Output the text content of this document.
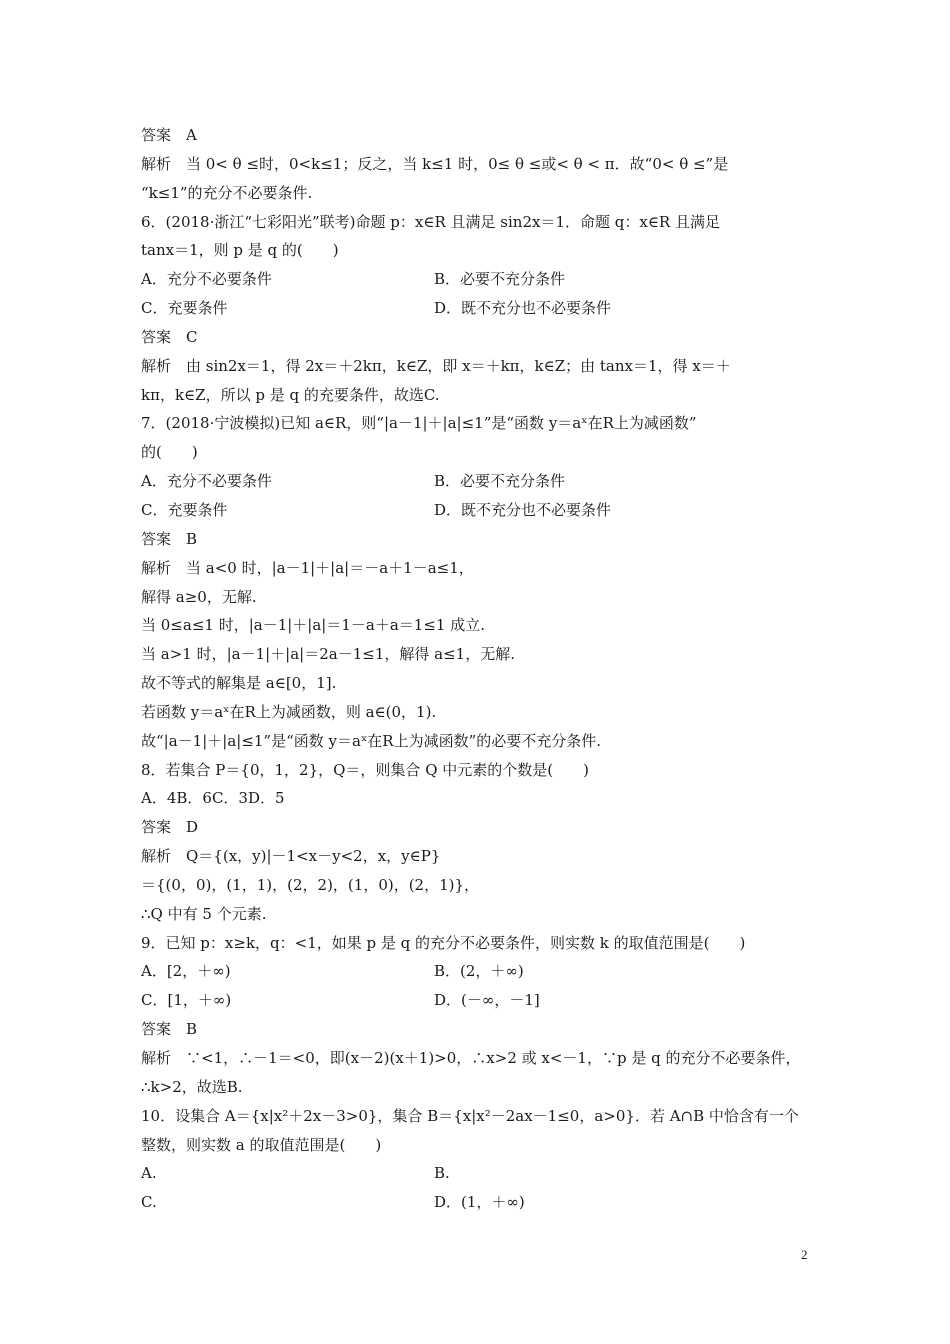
答案　A
解析　当 0< θ ≤时，0<k≤1；反之，当 k≤1 时，0≤ θ ≤或< θ < π．故“0< θ ≤”是
“k≤1”的充分不必要条件.
6．(2018·浙江“七彩阳光”联考)命题 p：x∈R 且满足 sin2x＝1．命题 q：x∈R 且满足
tanx＝1，则 p 是 q 的(　　)
A．充分不必要条件	B．必要不充分条件
C．充要条件	D．既不充分也不必要条件
答案　C
解析　由 sin2x＝1，得 2x＝＋2kπ，k∈Z，即 x＝＋kπ，k∈Z；由 tanx＝1，得 x＝＋
kπ，k∈Z，所以 p 是 q 的充要条件，故选C.
7．(2018·宁波模拟)已知 a∈R，则“|a－1|＋|a|≤1”是“函数 y＝aˣ在R上为减函数”
的(　　)
A．充分不必要条件	B．必要不充分条件
C．充要条件	D．既不充分也不必要条件
答案　B
解析　当 a<0 时，|a－1|＋|a|＝－a＋1－a≤1，
解得 a≥0，无解.
当 0≤a≤1 时，|a－1|＋|a|＝1－a＋a＝1≤1 成立.
当 a>1 时，|a－1|＋|a|＝2a－1≤1，解得 a≤1，无解.
故不等式的解集是 a∈[0，1].
若函数 y＝aˣ在R上为减函数，则 a∈(0，1).
故“|a－1|＋|a|≤1”是“函数 y＝aˣ在R上为减函数”的必要不充分条件.
8．若集合 P＝{0，1，2}，Q＝，则集合 Q 中元素的个数是(　　)
A．4B．6C．3D．5
答案　D
解析　Q＝{(x，y)|－1<x－y<2，x，y∈P}
＝{(0，0)，(1，1)，(2，2)，(1，0)，(2，1)}，
∴Q 中有 5 个元素.
9．已知 p：x≥k，q：<1，如果 p 是 q 的充分不必要条件，则实数 k 的取值范围是(　　)
A．[2，＋∞)	B．(2，＋∞)
C．[1，＋∞)	D．(－∞，－1]
答案　B
解析　∵<1，∴－1＝<0，即(x－2)(x＋1)>0，∴x>2 或 x<－1，∵p 是 q 的充分不必要条件，
∴k>2，故选B.
10．设集合 A＝{x|x²＋2x－3>0}，集合 B＝{x|x²－2ax－1≤0，a>0}．若 A∩B 中恰含有一个
整数，则实数 a 的取值范围是(　　)
A.	B.
C.	D．(1，＋∞)
2
